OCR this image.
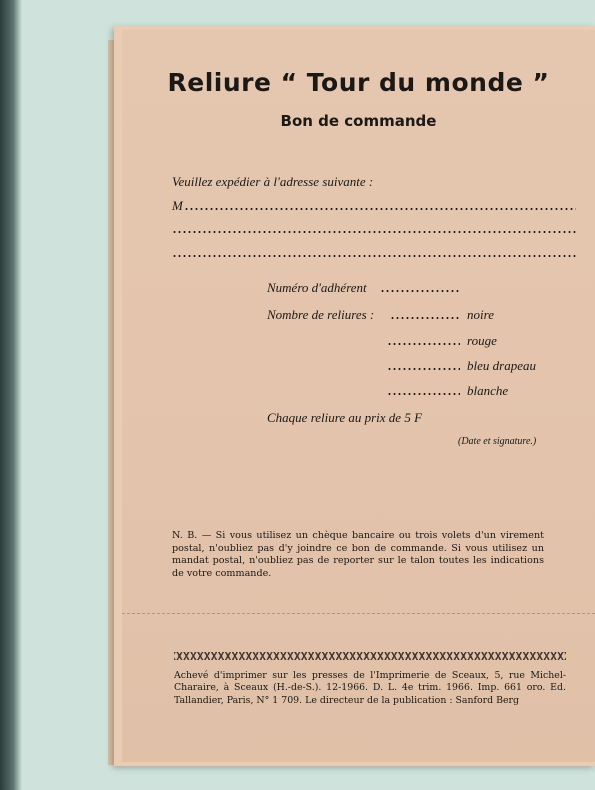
Reliure “ Tour du monde ”
Bon de commande
Veuillez expédier à l'adresse suivante :
M
Numéro d'adhérent
Nombre de reliures :	noire
rouge
bleu drapeau
blanche
Chaque reliure au prix de 5 F
(Date et signature.)
N. B. — Si vous utilisez un chèque bancaire ou trois volets d'un virement postal, n'oubliez pas d'y joindre ce bon de commande. Si vous utilisez un mandat postal, n'oubliez pas de reporter sur le talon toutes les indications de votre commande.
Achevé d'imprimer sur les presses de l'Imprimerie de Sceaux, 5, rue Michel-Charaire, à Sceaux (H.-de-S.). 12-1966. D. L. 4e trim. 1966. Imp. 661 oro. Ed. Tallandier, Paris, N° 1 709. Le directeur de la publication : Sanford Berg
